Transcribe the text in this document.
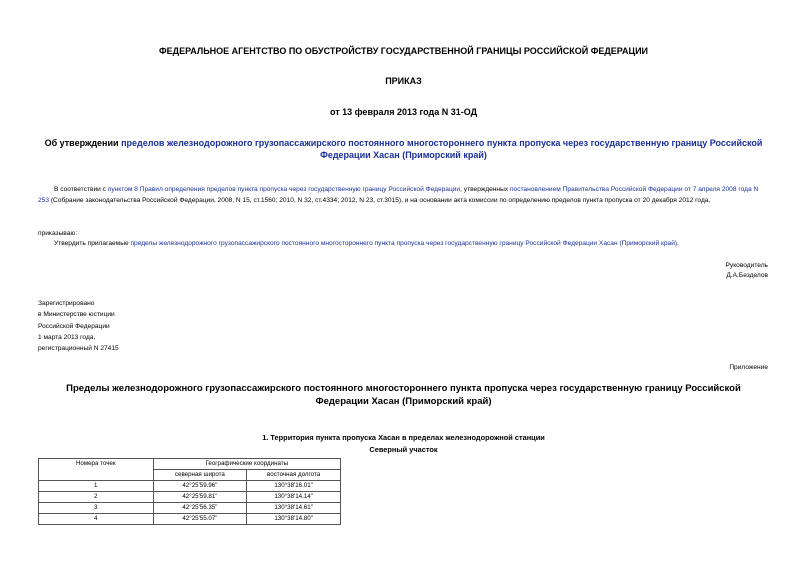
ФЕДЕРАЛЬНОЕ АГЕНТСТВО ПО ОБУСТРОЙСТВУ ГОСУДАРСТВЕННОЙ ГРАНИЦЫ РОССИЙСКОЙ ФЕДЕРАЦИИ
ПРИКАЗ
от 13 февраля 2013 года N 31-ОД
Об утверждении пределов железнодорожного грузопассажирского постоянного многостороннего пункта пропуска через государственную границу Российской Федерации Хасан (Приморский край)
В соответствии с пунктом 8 Правил определения пределов пункта пропуска через государственную границу Российской Федерации, утвержденных постановлением Правительства Российской Федерации от 7 апреля 2008 года N 253 (Собрание законодательства Российской Федерации, 2008, N 15, ст.1560; 2010, N 32, ст.4334; 2012, N 23, ст.3015), и на основании акта комиссии по определению пределов пункта пропуска от 20 декабря 2012 года,
приказываю:
Утвердить прилагаемые пределы железнодорожного грузопассажирского постоянного многостороннего пункта пропуска через государственную границу Российской Федерации Хасан (Приморский край).
Руководитель
Д.А.Безделов
Зарегистрировано
в Министерстве юстиции
Российской Федерации
1 марта 2013 года,
регистрационный N 27415
Приложение
Пределы железнодорожного грузопассажирского постоянного многостороннего пункта пропуска через государственную границу Российской Федерации Хасан (Приморский край)
1. Территория пункта пропуска Хасан в пределах железнодорожной станции
Северный участок
Номера точек	Географические координаты	
	северная широта	восточная долгота
1	42°25'59.96"	130°38'16.01"
2	42°25'59.81"	130°38'14.14"
3	42°25'56.35"	130°38'14.61"
4	42°25'55.07"	130°38'14.80"
